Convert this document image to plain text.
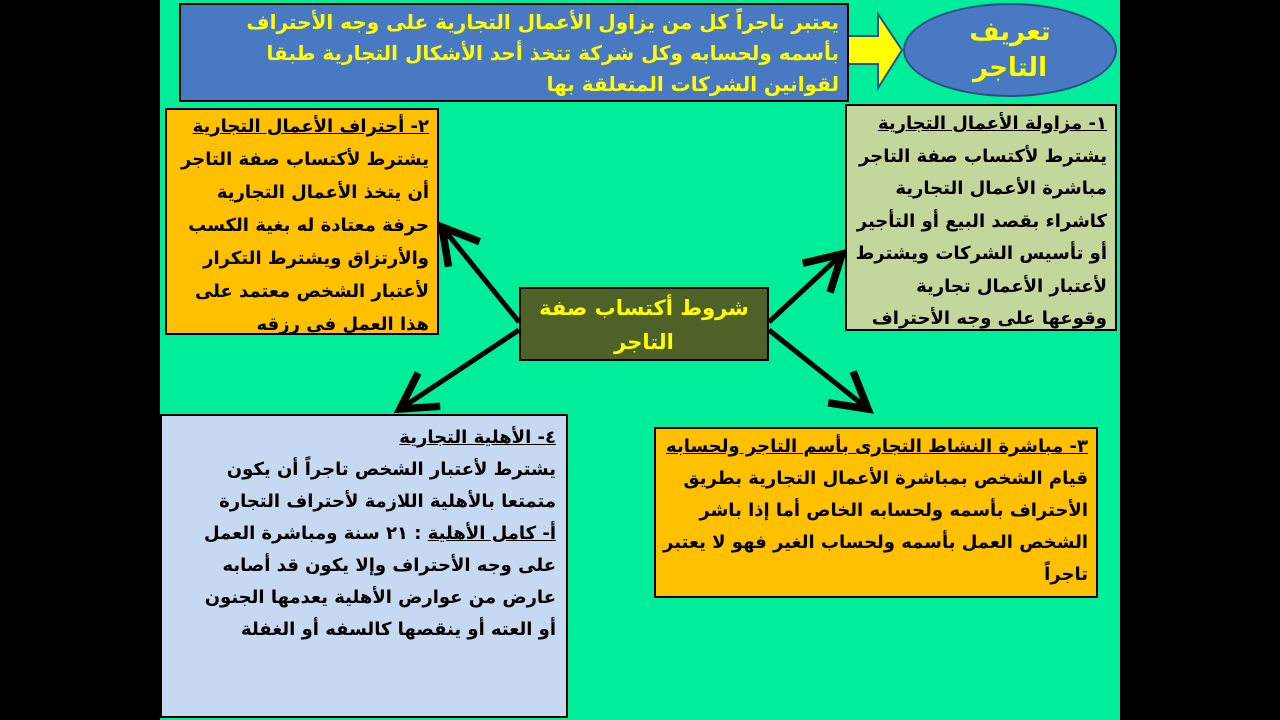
يعتبر تاجراً كل من يزاول الأعمال التجارية على وجه الأحتراف
بأسمه ولحسابه وكل شركة تتخذ أحد الأشكال التجارية طبقا
لقوانين الشركات المتعلقة بها
تعريف
التاجر
١- مزاولة الأعمال التجارية
يشترط لأكتساب صفة التاجر
مباشرة الأعمال التجارية
كاشراء بقصد البيع أو التأجير
أو تأسيس الشركات ويشترط
لأعتبار الأعمال تجارية
وقوعها على وجه الأحتراف
٢- أحتراف الأعمال التجارية
يشترط لأكتساب صفة التاجر
أن يتخذ الأعمال التجارية
حرفة معتادة له بغية الكسب
والأرتزاق ويشترط التكرار
لأعتبار الشخص معتمد على
هذا العمل فى رزقه
شروط أكتساب صفة
التاجر
٣- مباشرة النشاط التجارى بأسم التاجر ولحسابه
قيام الشخص بمباشرة الأعمال التجارية بطريق
الأحتراف بأسمه ولحسابه الخاص أما إذا باشر
الشخص العمل بأسمه ولحساب الغير فهو لا يعتبر
تاجراً
٤- الأهلية التجارية
يشترط لأعتبار الشخص تاجراً أن يكون
متمتعا بالأهلية اللازمة لأحتراف التجارة
أ- كامل الأهلية : ٢١ سنة ومباشرة العمل
على وجه الأحتراف وإلا يكون قد أصابه
عارض من عوارض الأهلية يعدمها الجنون
أو العته أو ينقصها كالسفه أو الغفلة
